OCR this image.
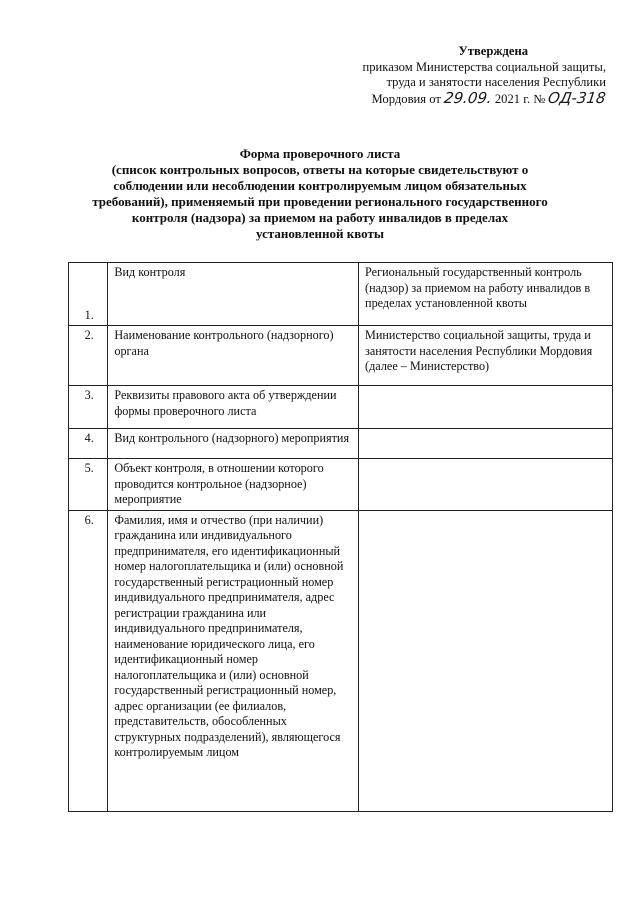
Утверждена
приказом Министерства социальной защиты,
труда и занятости населения Республики
Мордовия от 29.09. 2021 г. № ОД-318
Форма проверочного листа
(список контрольных вопросов, ответы на которые свидетельствуют о
соблюдении или несоблюдении контролируемым лицом обязательных
требований), применяемый при проведении регионального государственного
контроля (надзора) за приемом на работу инвалидов в пределах
установленной квоты
1.	Вид контроля	Региональный государственный контроль (надзор) за приемом на работу инвалидов в пределах установленной квоты
2.	Наименование контрольного (надзорного) органа	Министерство социальной защиты, труда и занятости населения Республики Мордовия (далее – Министерство)
3.	Реквизиты правового акта об утверждении формы проверочного листа	
4.	Вид контрольного (надзорного) мероприятия	
5.	Объект контроля, в отношении которого проводится контрольное (надзорное) мероприятие	
6.	Фамилия, имя и отчество (при наличии) гражданина или индивидуального предпринимателя, его идентификационный номер налогоплательщика и (или) основной государственный регистрационный номер индивидуального предпринимателя, адрес регистрации гражданина или индивидуального предпринимателя, наименование юридического лица, его идентификационный номер налогоплательщика и (или) основной государственный регистрационный номер, адрес организации (ее филиалов, представительств, обособленных структурных подразделений), являющегося контролируемым лицом	
